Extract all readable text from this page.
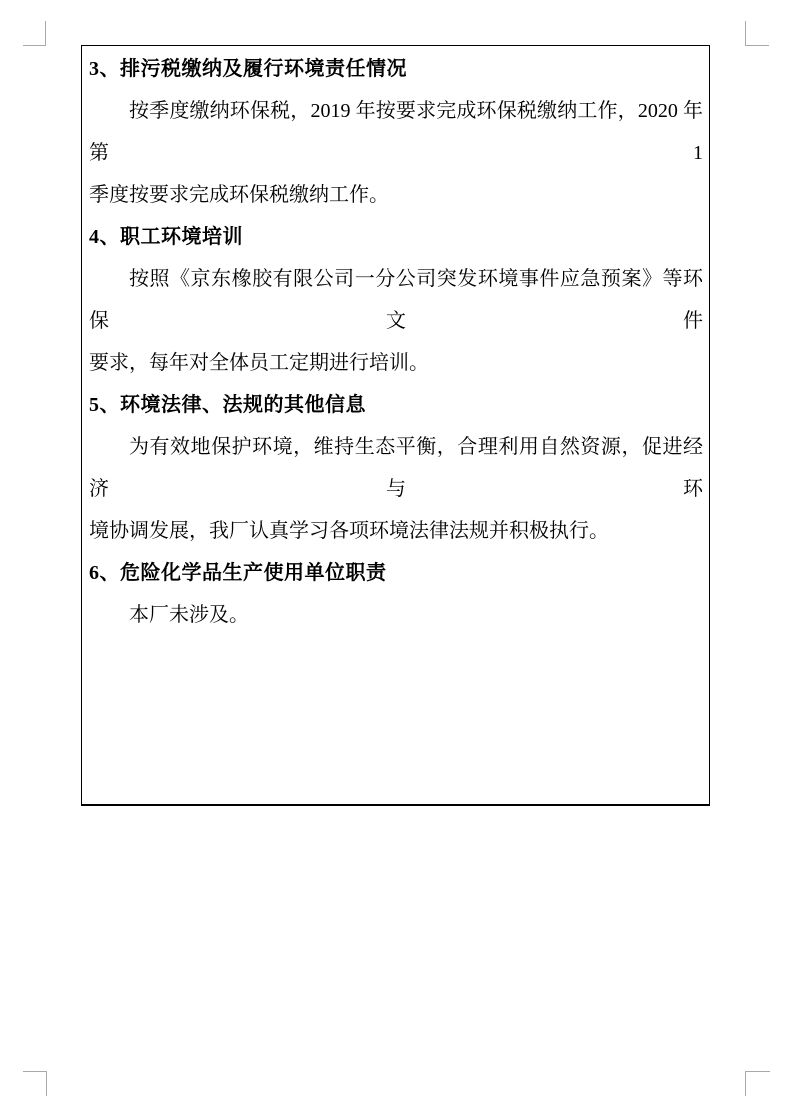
3、排污税缴纳及履行环境责任情况
按季度缴纳环保税，2019 年按要求完成环保税缴纳工作，2020 年第 1
季度按要求完成环保税缴纳工作。
4、职工环境培训
按照《京东橡胶有限公司一分公司突发环境事件应急预案》等环保文件
要求，每年对全体员工定期进行培训。
5、环境法律、法规的其他信息
为有效地保护环境，维持生态平衡，合理利用自然资源，促进经济与环
境协调发展，我厂认真学习各项环境法律法规并积极执行。
6、危险化学品生产使用单位职责
本厂未涉及。
